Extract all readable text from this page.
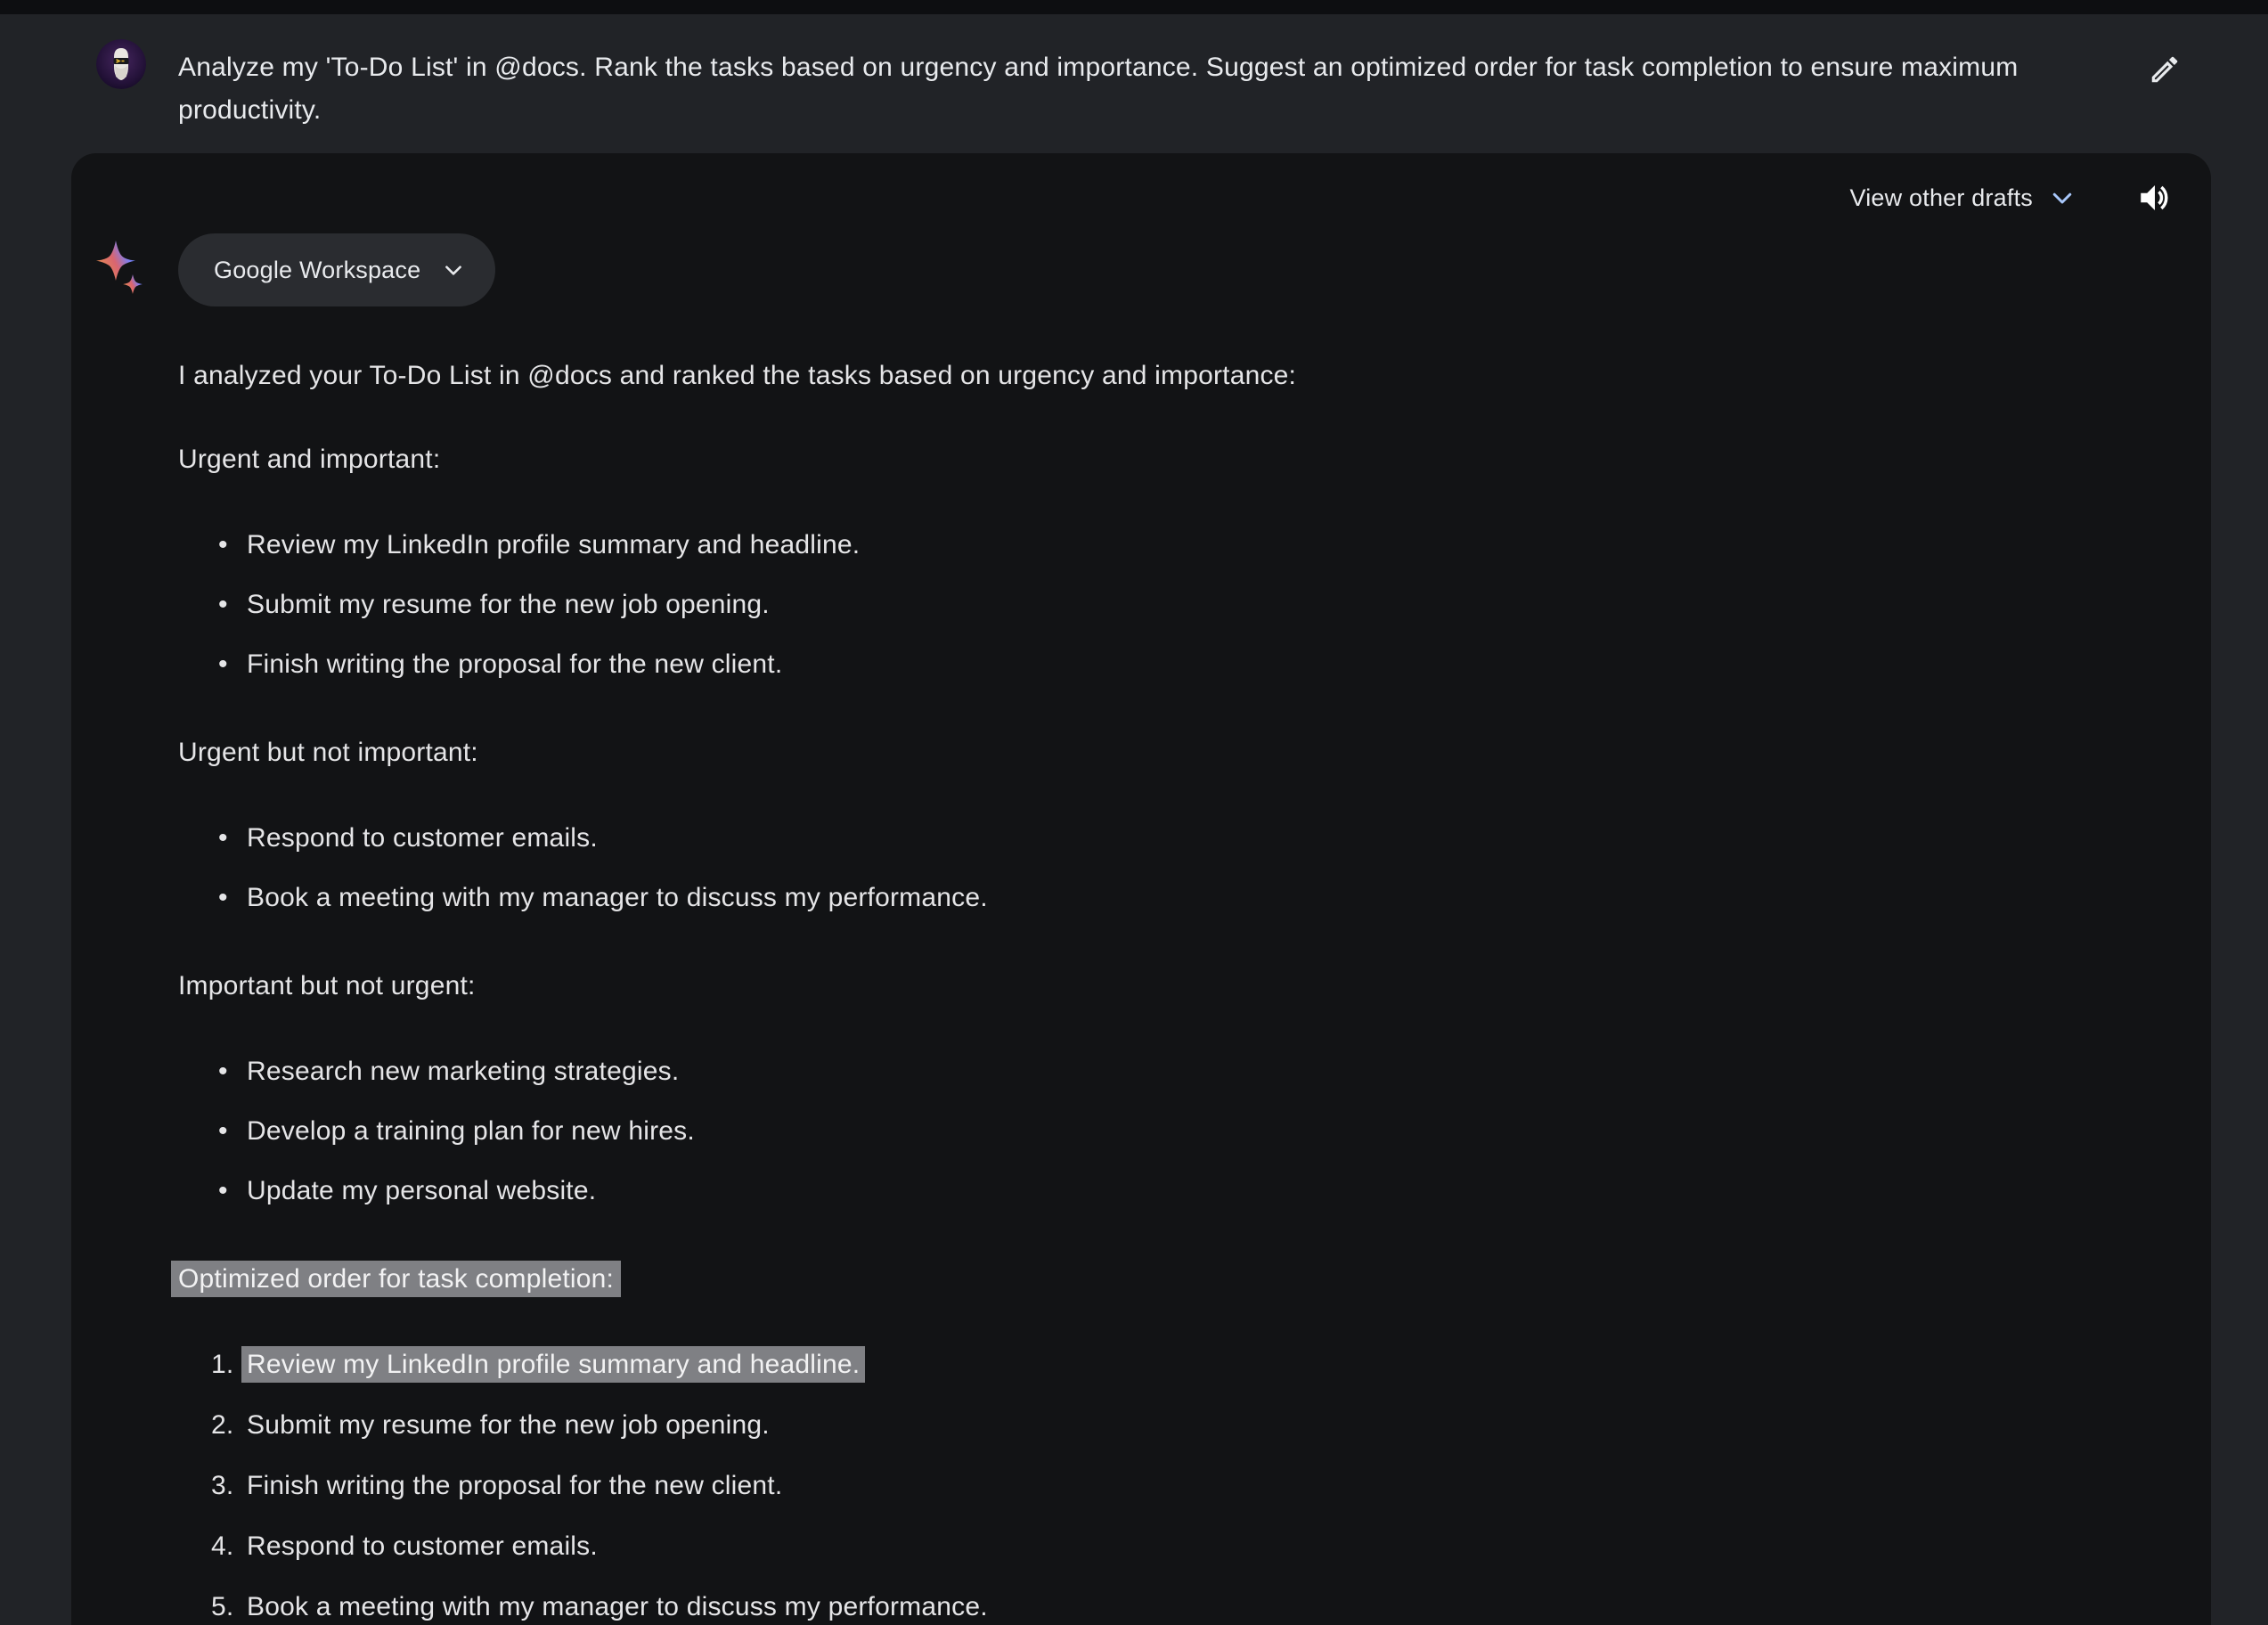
Analyze my 'To-Do List' in @docs. Rank the tasks based on urgency and importance. Suggest an optimized order for task completion to ensure maximum productivity.
View other drafts
Google Workspace

I analyzed your To-Do List in @docs and ranked the tasks based on urgency and importance:

Urgent and important:
• Review my LinkedIn profile summary and headline.
• Submit my resume for the new job opening.
• Finish writing the proposal for the new client.
Urgent but not important:
• Respond to customer emails.
• Book a meeting with my manager to discuss my performance.
Important but not urgent:
• Research new marketing strategies.
• Develop a training plan for new hires.
• Update my personal website.
Optimized order for task completion:
1. Review my LinkedIn profile summary and headline.
2. Submit my resume for the new job opening.
3. Finish writing the proposal for the new client.
4. Respond to customer emails.
5. Book a meeting with my manager to discuss my performance.
